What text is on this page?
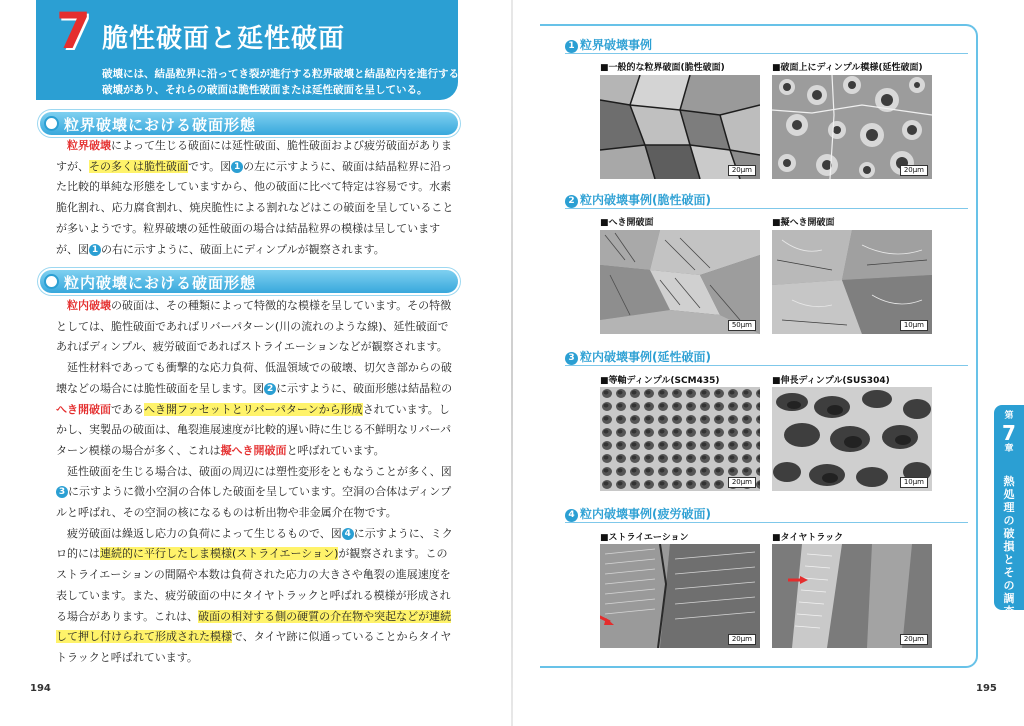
7 脆性破面と延性破面
破壊には、結晶粒界に沿ってき裂が進行する粒界破壊と結晶粒内を進行する粒内破壊があり、それらの破面は脆性破面または延性破面を呈している。
粒界破壊における破面形態

粒界破壊によって生じる破面には延性破面、脆性破面および疲労破面がありますが、その多くは脆性破面です。図 1 の左に示すように、破面は結晶粒界に沿った比較的単純な形態をしていますから、他の破面に比べて特定は容易です。水素脆化割れ、応力腐食割れ、焼戻脆性による割れなどはこの破面を呈していることが多いようです。粒界破壊の延性破面の場合は結晶粒界の模様は呈していますが、図 1 の右に示すように、破面上にディンプルが観察されます。

粒内破壊における破面形態

粒内破壊の破面は、その種類によって特徴的な模様を呈しています。その特徴としては、脆性破面であればリバーパターン(川の流れのような線)、延性破面であればディンプル、疲労破面であればストライエーションなどが観察されます。

延性材料であっても衝撃的な応力負荷、低温領域での破壊、切欠き部からの破壊などの場合には脆性破面を呈します。図 2 に示すように、破面形態は結晶粒のへき開破面であるへき開ファセットとリバーパターンから形成されています。しかし、実製品の破面は、亀裂進展速度が比較的遅い時に生じる不鮮明なリバーパターン模様の場合が多く、これは擬へき開破面と呼ばれています。

延性破面を生じる場合は、破面の周辺には塑性変形をともなうことが多く、図3 に示すように微小空洞の合体した破面を呈しています。空洞の合体はディンプルと呼ばれ、その空洞の核になるものは析出物や非金属介在物です。

疲労破面は繰返し応力の負荷によって生じるもので、図 4 に示すように、ミクロ的には連続的に平行したしま模様(ストライエーション)が観察されます。このストライエーションの間隔や本数は負荷された応力の大きさや亀裂の進展速度を表しています。また、疲労破面の中にタイヤトラックと呼ばれる模様が形成される場合があります。これは、破面の相対する側の硬質の介在物や突起などが連続して押し付けられて形成された模様で、タイヤ跡に似通っていることからタイヤトラックと呼ばれています。

194
1 粒界破壊事例
■一般的な粒界破面(脆性破面)	■破面上にディンプル模様(延性破面)
20μm	20μm
2 粒内破壊事例(脆性破面)
■へき開破面	■擬へき開破面
50μm	10μm
3 粒内破壊事例(延性破面)
■等軸ディンプル(SCM435)	■伸長ディンプル(SUS304)
20μm	10μm
4 粒内破壊事例(疲労破面)
■ストライエーション	■タイヤトラック
20μm	20μm
第
7
章
熱処理の破損とその調査法
195
